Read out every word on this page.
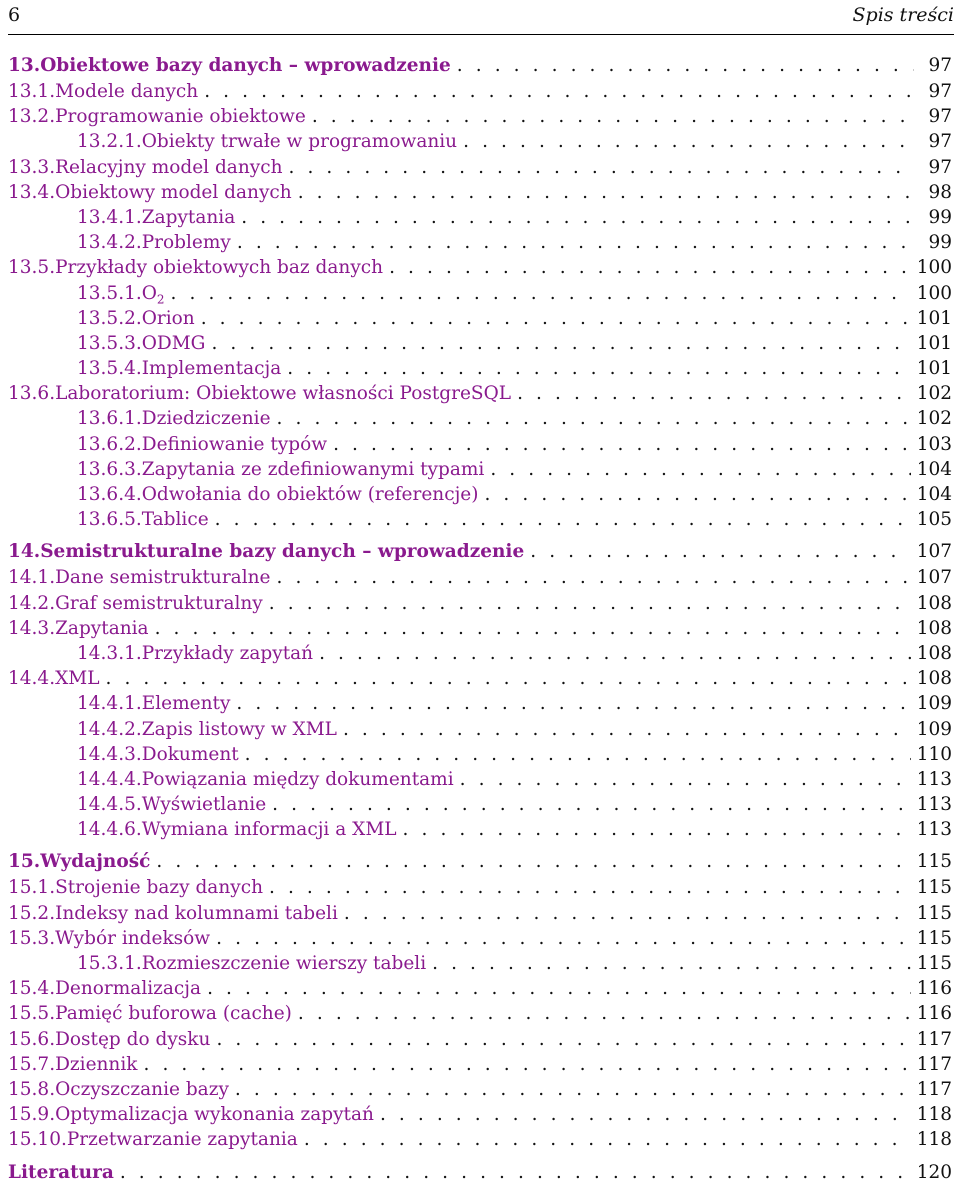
6	Spis treści
13. Obiektowe bazy danych – wprowadzenie . . .	97
13.1. Modele danych . . .	97
13.2. Programowanie obiektowe . . .	97
13.2.1. Obiekty trwałe w programowaniu . . .	97
13.3. Relacyjny model danych . . .	97
13.4. Obiektowy model danych . . .	98
13.4.1. Zapytania . . .	99
13.4.2. Problemy . . .	99
13.5. Przykłady obiektowych baz danych . . .	100
13.5.1. $O_2$ . . .	100
13.5.2. Orion . . .	101
13.5.3. ODMG . . .	101
13.5.4. Implementacja . . .	101
13.6. Laboratorium: Obiektowe własności PostgreSQL . . .	102
13.6.1. Dziedziczenie . . .	102
13.6.2. Definiowanie typów . . .	103
13.6.3. Zapytania ze zdefiniowanymi typami . . .	104
13.6.4. Odwołania do obiektów (referencje) . . .	104
13.6.5. Tablice . . .	105
14. Semistrukturalne bazy danych – wprowadzenie . . .	107
14.1. Dane semistrukturalne . . .	107
14.2. Graf semistrukturalny . . .	108
14.3. Zapytania . . .	108
14.3.1. Przykłady zapytań . . .	108
14.4. XML . . .	108
14.4.1. Elementy . . .	109
14.4.2. Zapis listowy w XML . . .	109
14.4.3. Dokument . . .	110
14.4.4. Powiązania między dokumentami . . .	113
14.4.5. Wyświetlanie . . .	113
14.4.6. Wymiana informacji a XML . . .	113
15. Wydajność . . .	115
15.1. Strojenie bazy danych . . .	115
15.2. Indeksy nad kolumnami tabeli . . .	115
15.3. Wybór indeksów . . .	115
15.3.1. Rozmieszczenie wierszy tabeli . . .	115
15.4. Denormalizacja . . .	116
15.5. Pamięć buforowa (cache) . . .	116
15.6. Dostęp do dysku . . .	117
15.7. Dziennik . . .	117
15.8. Oczyszczanie bazy . . .	117
15.9. Optymalizacja wykonania zapytań . . .	118
15.10. Przetwarzanie zapytania . . .	118
Literatura . . .	120
